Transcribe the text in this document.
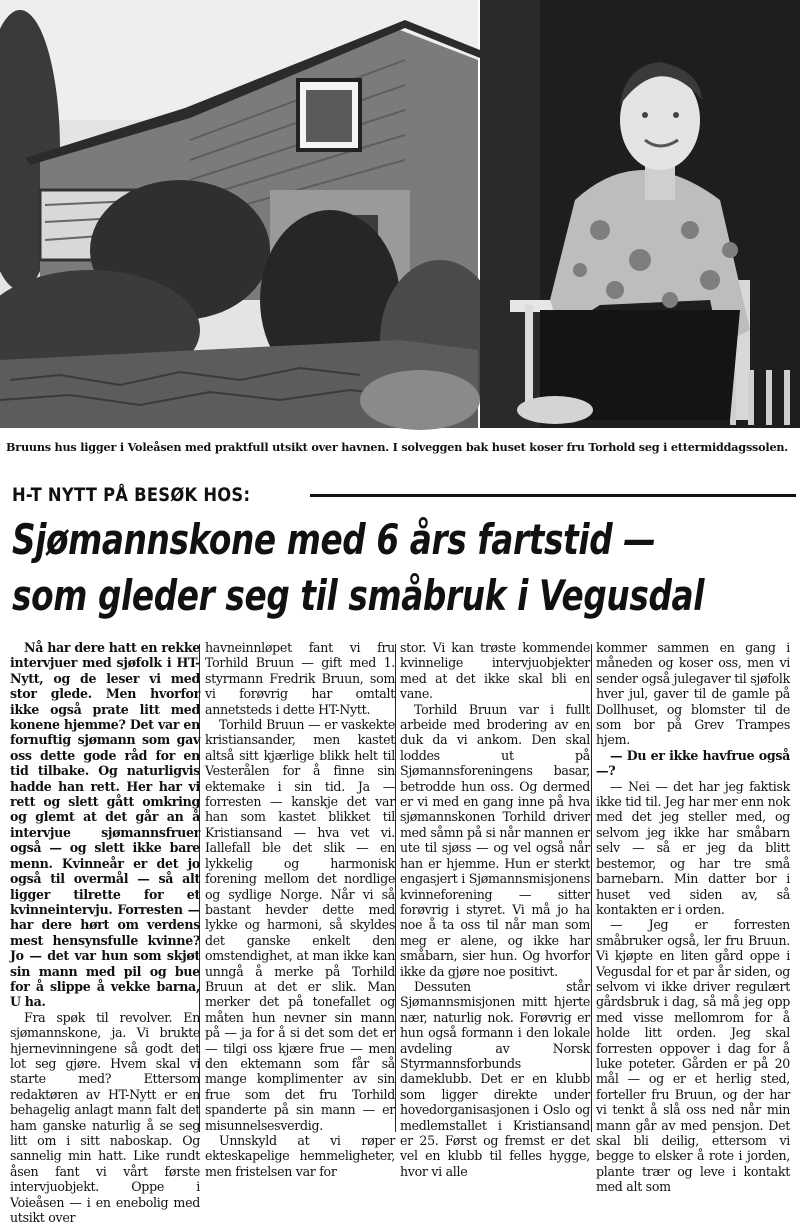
Bruuns hus ligger i Voleåsen med praktfull utsikt over havnen. I solveggen bak huset koser fru Torhold seg i ettermiddagssolen.
H-T NYTT PÅ BESØK HOS:
Sjømannskone med 6 års fartstid —
som gleder seg til småbruk i Vegusdal

Nå har dere hatt en rekke intervjuer med sjøfolk i HT-Nytt, og de leser vi med stor glede. Men hvorfor ikke også prate litt med konene hjemme? Det var en fornuftig sjømann som gav oss dette gode råd for en tid tilbake. Og naturligvis hadde han rett. Her har vi rett og slett gått omkring og glemt at det går an å intervjue sjømannsfruer også — og slett ikke bare menn. Kvinneår er det jo også til overmål — så alt ligger tilrette for et kvinneintervju. Forresten — har dere hørt om verdens mest hensynsfulle kvinne? Jo — det var hun som skjøt sin mann med pil og bue for å slippe å vekke barna, U ha.

Fra spøk til revolver. En sjømannskone, ja. Vi brukte hjernevinningene så godt det lot seg gjøre. Hvem skal vi starte med? Ettersom redaktøren av HT-Nytt er en behagelig anlagt mann falt det ham ganske naturlig å se seg litt om i sitt naboskap. Og sannelig min hatt. Like rundt åsen fant vi vårt første intervjuobjekt. Oppe i Voieåsen — i en enebolig med utsikt over

havneinnløpet fant vi fru Torhild Bruun — gift med 1. styrmann Fredrik Bruun, som vi forøvrig har omtalt annetsteds i dette HT-Nytt.

Torhild Bruun — er vaskekte kristiansander, men kastet altså sitt kjærlige blikk helt til Vesterålen for å finne sin ektemake i sin tid. Ja — forresten — kanskje det var han som kastet blikket til Kristiansand — hva vet vi. Iallefall ble det slik — en lykkelig og harmonisk forening mellom det nordlige og sydlige Norge. Når vi så bastant hevder dette med lykke og harmoni, så skyldes det ganske enkelt den omstendighet, at man ikke kan unngå å merke på Torhild Bruun at det er slik. Man merker det på tonefallet og måten hun nevner sin mann på — ja for å si det som det er — tilgi oss kjære frue — men den ektemann som får så mange komplimenter av sin frue som det fru Torhild spanderte på sin mann — er misunnelsesverdig.

Unnskyld at vi røper ekteskapelige hemmeligheter, men fristelsen var for

stor. Vi kan trøste kommende kvinnelige intervjuobjekter med at det ikke skal bli en vane.

Torhild Bruun var i fullt arbeide med brodering av en duk da vi ankom. Den skal loddes ut på Sjømannsforeningens basar, betrodde hun oss. Og dermed er vi med en gang inne på hva sjømannskonen Torhild driver med såmn på si når mannen er ute til sjøss — og vel også når han er hjemme. Hun er sterkt engasjert i Sjømannsmisjonens kvinneforening — sitter forøvrig i styret. Vi må jo ha noe å ta oss til når man som meg er alene, og ikke har småbarn, sier hun. Og hvorfor ikke da gjøre noe positivt.

Dessuten står Sjømannsmisjonen mitt hjerte nær, naturlig nok. Forøvrig er hun også formann i den lokale avdeling av Norsk Styrmannsforbunds dameklubb. Det er en klubb som ligger direkte under hovedorganisasjonen i Oslo og medlemstallet i Kristiansand er 25. Først og fremst er det vel en klubb til felles hygge, hvor vi alle

kommer sammen en gang i måneden og koser oss, men vi sender også julegaver til sjøfolk hver jul, gaver til de gamle på Dollhuset, og blomster til de som bor på Grev Trampes hjem.

— Du er ikke havfrue også —?

— Nei — det har jeg faktisk ikke tid til. Jeg har mer enn nok med det jeg steller med, og selvom jeg ikke har småbarn selv — så er jeg da blitt bestemor, og har tre små barnebarn. Min datter bor i huset ved siden av, så kontakten er i orden.

— Jeg er forresten småbruker også, ler fru Bruun. Vi kjøpte en liten gård oppe i Vegusdal for et par år siden, og selvom vi ikke driver regulært gårdsbruk i dag, så må jeg opp med visse mellomrom for å holde litt orden. Jeg skal forresten oppover i dag for å luke poteter. Gården er på 20 mål — og er et herlig sted, forteller fru Bruun, og der har vi tenkt å slå oss ned når min mann går av med pensjon. Det skal bli deilig, ettersom vi begge to elsker å rote i jorden, plante trær og leve i kontakt med alt som
